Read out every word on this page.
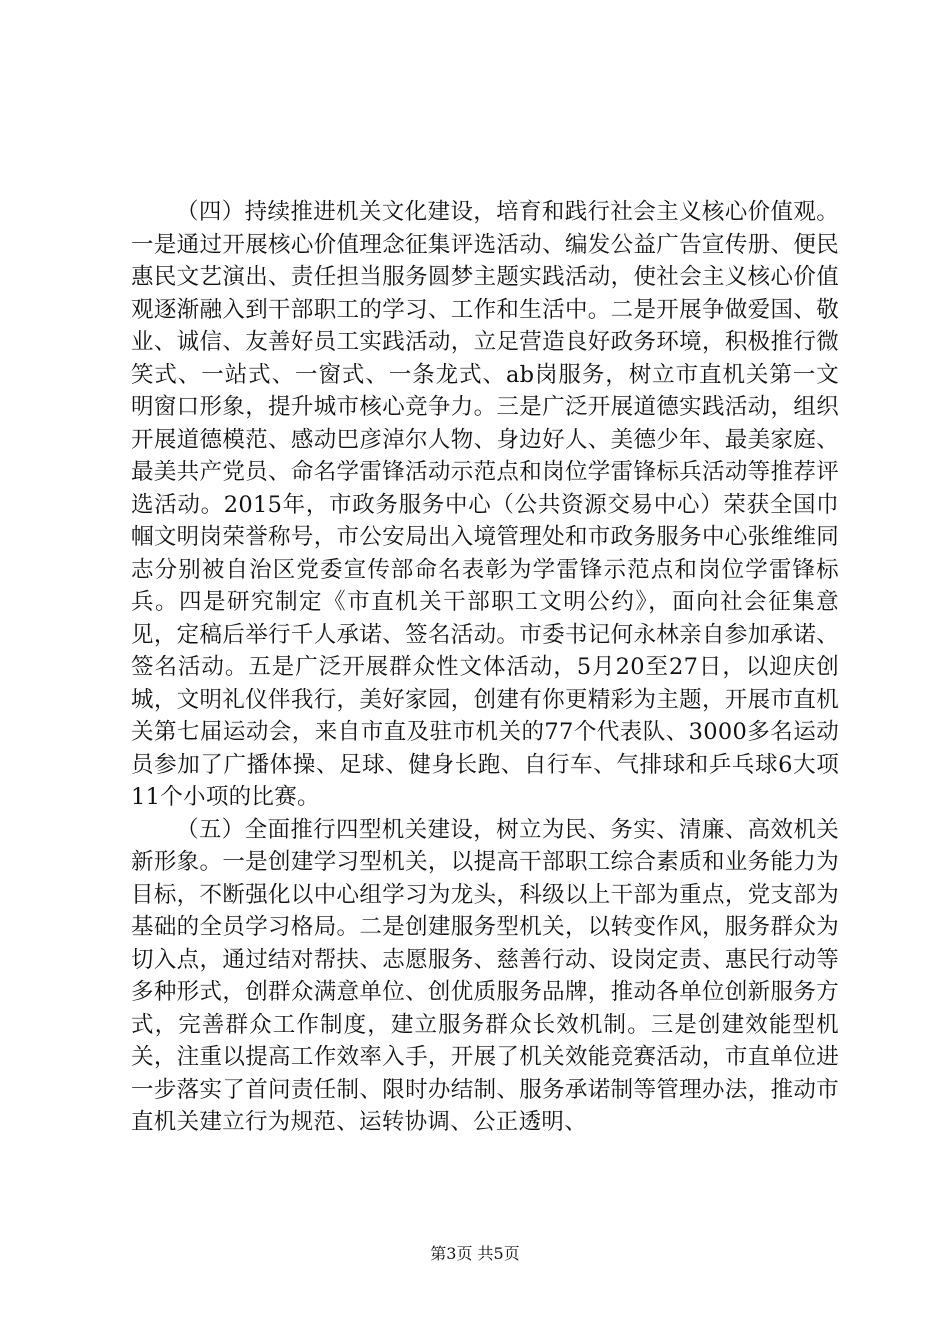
（四）持续推进机关文化建设，培育和践行社会主义核心价值观。一是通过开展核心价值理念征集评选活动、编发公益广告宣传册、便民惠民文艺演出、责任担当服务圆梦主题实践活动，使社会主义核心价值观逐渐融入到干部职工的学习、工作和生活中。二是开展争做爱国、敬业、诚信、友善好员工实践活动，立足营造良好政务环境，积极推行微笑式、一站式、一窗式、一条龙式、ab岗服务，树立市直机关第一文明窗口形象，提升城市核心竞争力。三是广泛开展道德实践活动，组织开展道德模范、感动巴彦淖尔人物、身边好人、美德少年、最美家庭、最美共产党员、命名学雷锋活动示范点和岗位学雷锋标兵活动等推荐评选活动。2015年，市政务服务中心（公共资源交易中心）荣获全国巾帼文明岗荣誉称号，市公安局出入境管理处和市政务服务中心张维维同志分别被自治区党委宣传部命名表彰为学雷锋示范点和岗位学雷锋标兵。四是研究制定《市直机关干部职工文明公约》，面向社会征集意见，定稿后举行千人承诺、签名活动。市委书记何永林亲自参加承诺、签名活动。五是广泛开展群众性文体活动，5月20至27日，以迎庆创城，文明礼仪伴我行，美好家园，创建有你更精彩为主题，开展市直机关第七届运动会，来自市直及驻市机关的77个代表队、3000多名运动员参加了广播体操、足球、健身长跑、自行车、气排球和乒乓球6大项11个小项的比赛。

（五）全面推行四型机关建设，树立为民、务实、清廉、高效机关新形象。一是创建学习型机关，以提高干部职工综合素质和业务能力为目标，不断强化以中心组学习为龙头，科级以上干部为重点，党支部为基础的全员学习格局。二是创建服务型机关，以转变作风，服务群众为切入点，通过结对帮扶、志愿服务、慈善行动、设岗定责、惠民行动等多种形式，创群众满意单位、创优质服务品牌，推动各单位创新服务方式，完善群众工作制度，建立服务群众长效机制。三是创建效能型机关，注重以提高工作效率入手，开展了机关效能竞赛活动，市直单位进一步落实了首问责任制、限时办结制、服务承诺制等管理办法，推动市直机关建立行为规范、运转协调、公正透明、

第3页 共5页
